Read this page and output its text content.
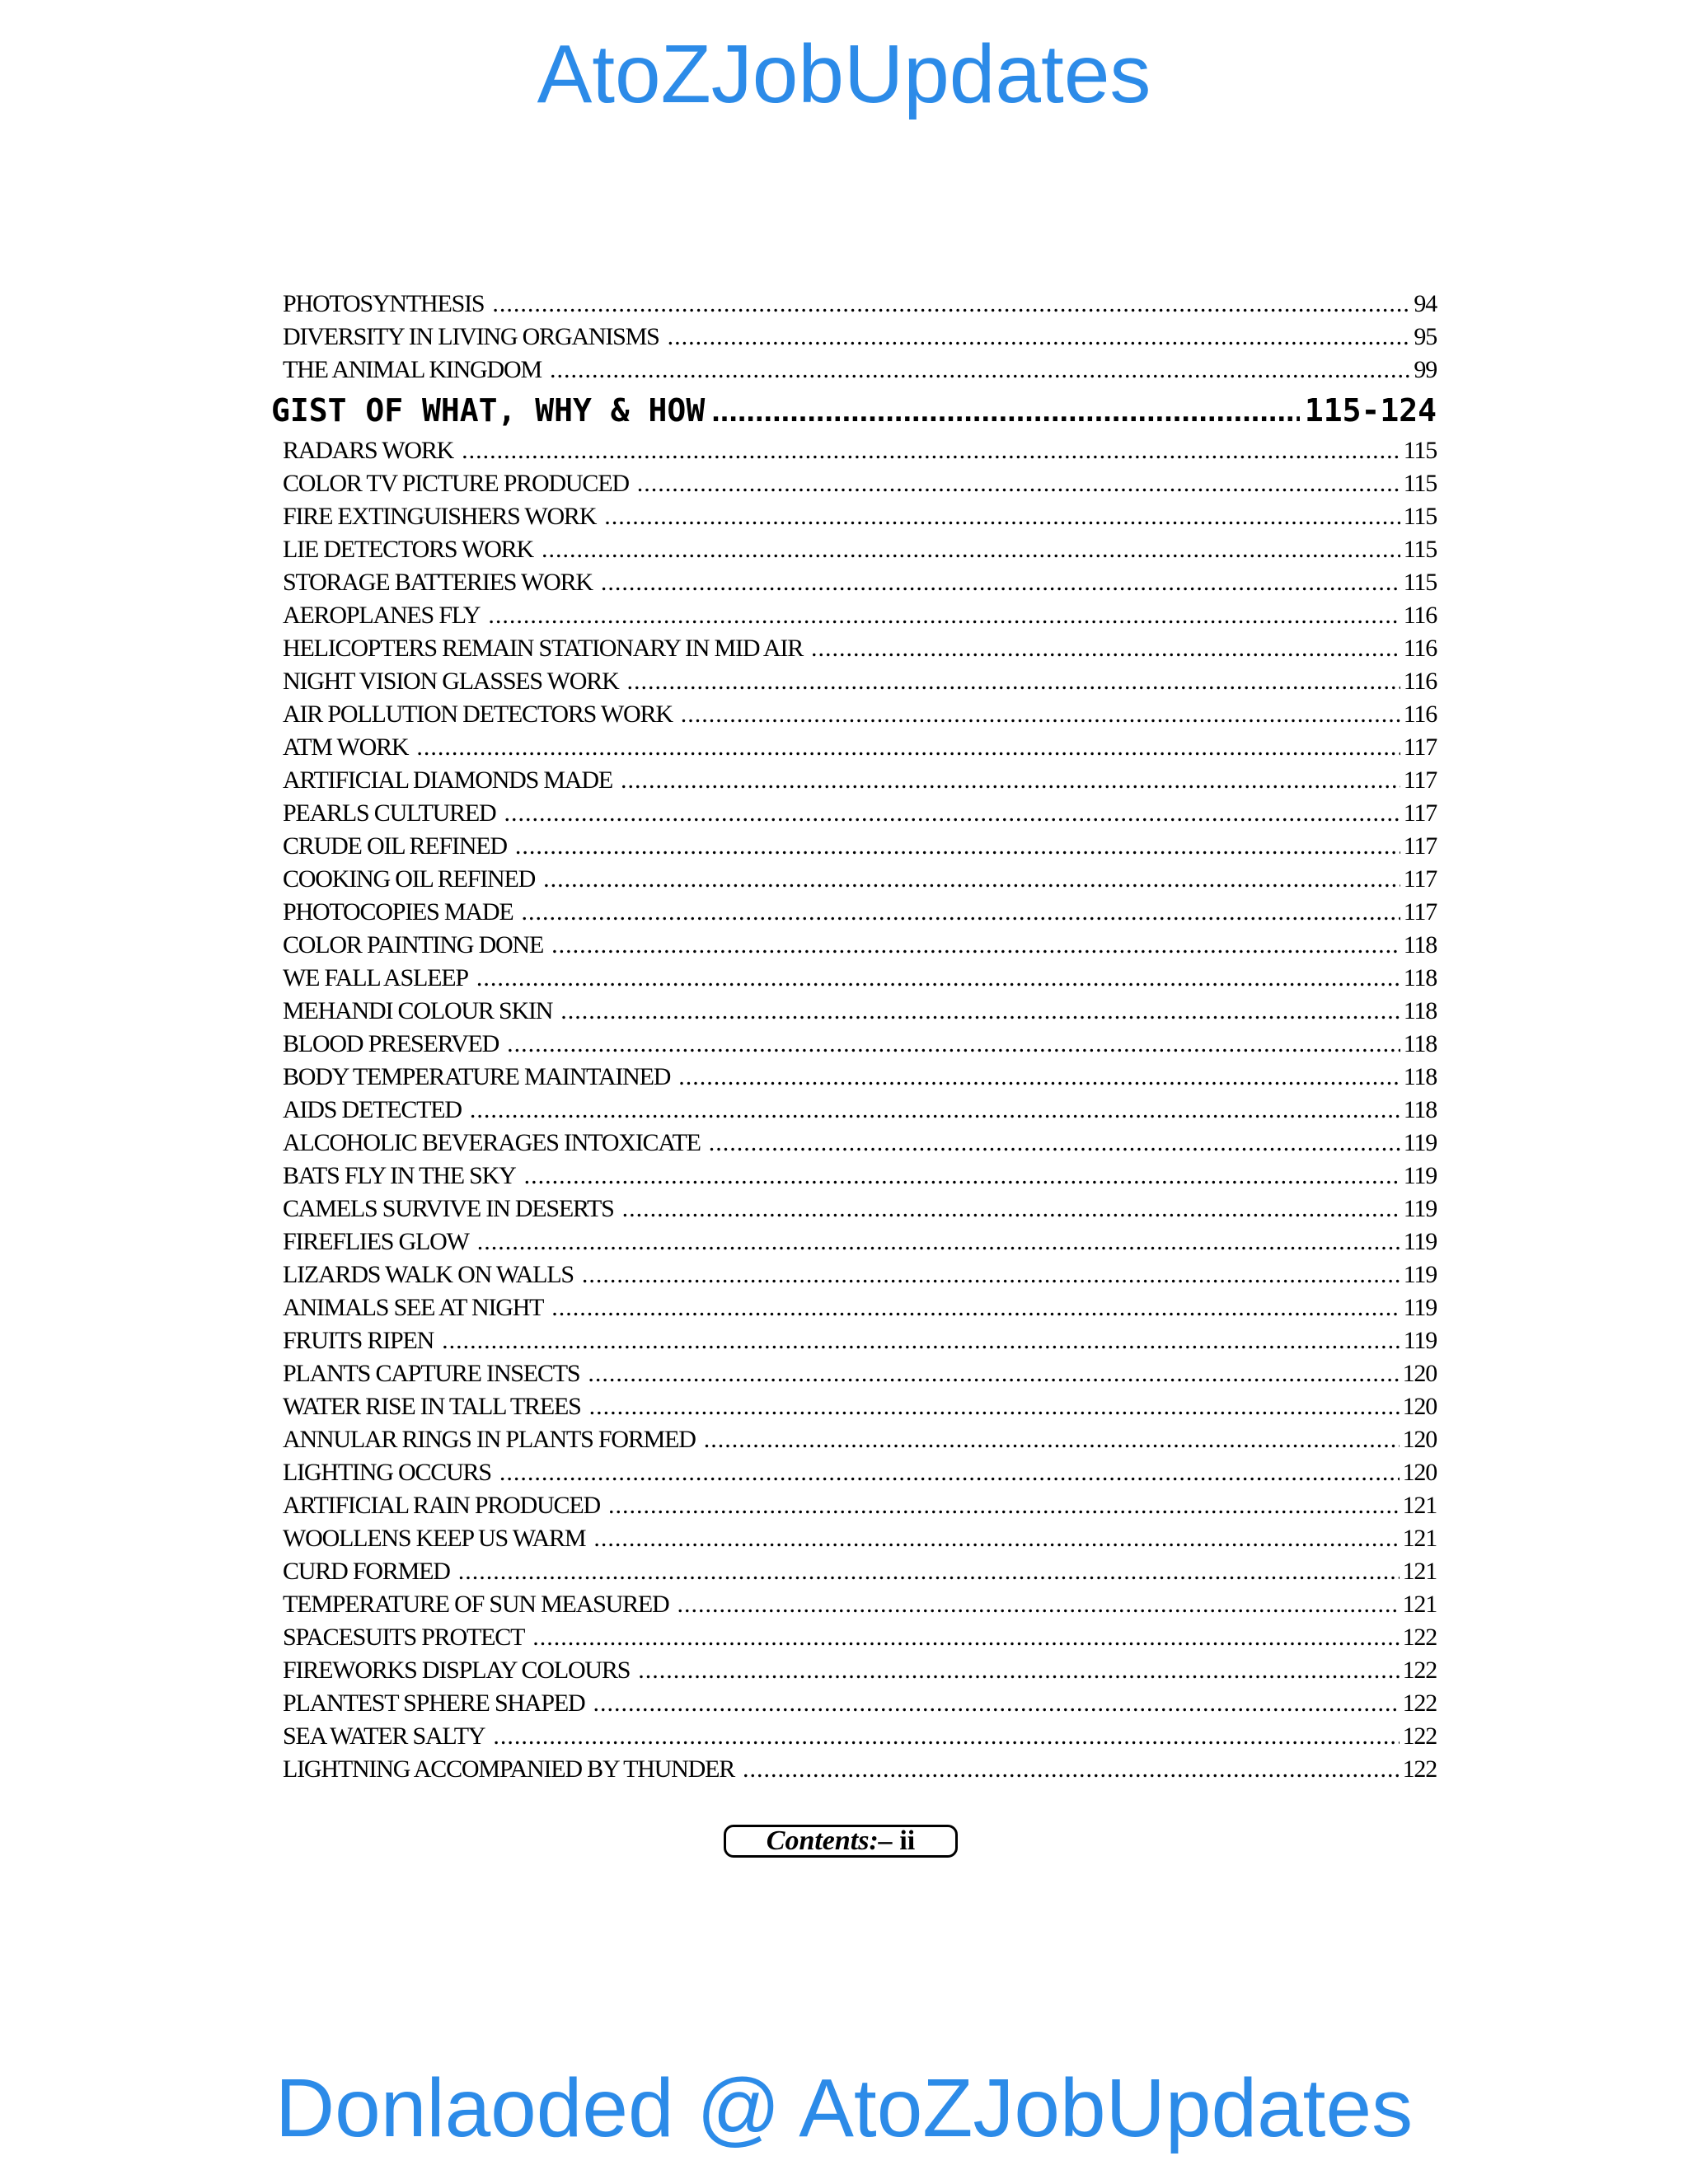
AtoZJobUpdates
PHOTOSYNTHESIS .....	94
DIVERSITY IN LIVING ORGANISMS .....	95
THE ANIMAL KINGDOM .....	99
GIST OF WHAT, WHY & HOW .....	115-124
RADARS WORK .....	115
COLOR TV PICTURE PRODUCED .....	115
FIRE EXTINGUISHERS WORK .....	115
LIE DETECTORS WORK .....	115
STORAGE BATTERIES WORK .....	115
AEROPLANES FLY .....	116
HELICOPTERS REMAIN STATIONARY IN MID AIR .....	116
NIGHT VISION GLASSES WORK .....	116
AIR POLLUTION DETECTORS WORK .....	116
ATM WORK .....	117
ARTIFICIAL DIAMONDS MADE .....	117
PEARLS CULTURED .....	117
CRUDE OIL REFINED .....	117
COOKING OIL REFINED .....	117
PHOTOCOPIES MADE .....	117
COLOR PAINTING DONE .....	118
WE FALL ASLEEP .....	118
MEHANDI COLOUR SKIN .....	118
BLOOD PRESERVED .....	118
BODY TEMPERATURE MAINTAINED .....	118
AIDS DETECTED .....	118
ALCOHOLIC BEVERAGES INTOXICATE .....	119
BATS FLY IN THE SKY .....	119
CAMELS SURVIVE IN DESERTS .....	119
FIREFLIES GLOW .....	119
LIZARDS WALK ON WALLS .....	119
ANIMALS SEE AT NIGHT .....	119
FRUITS RIPEN .....	119
PLANTS CAPTURE INSECTS .....	120
WATER RISE IN TALL TREES .....	120
ANNULAR RINGS IN PLANTS FORMED .....	120
LIGHTING OCCURS .....	120
ARTIFICIAL RAIN PRODUCED .....	121
WOOLLENS KEEP US WARM .....	121
CURD FORMED .....	121
TEMPERATURE OF SUN MEASURED .....	121
SPACESUITS PROTECT .....	122
FIREWORKS DISPLAY COLOURS .....	122
PLANTEST SPHERE SHAPED .....	122
SEA WATER SALTY .....	122
LIGHTNING ACCOMPANIED BY THUNDER .....	122
Contents:– ii
Donlaoded @ AtoZJobUpdates
